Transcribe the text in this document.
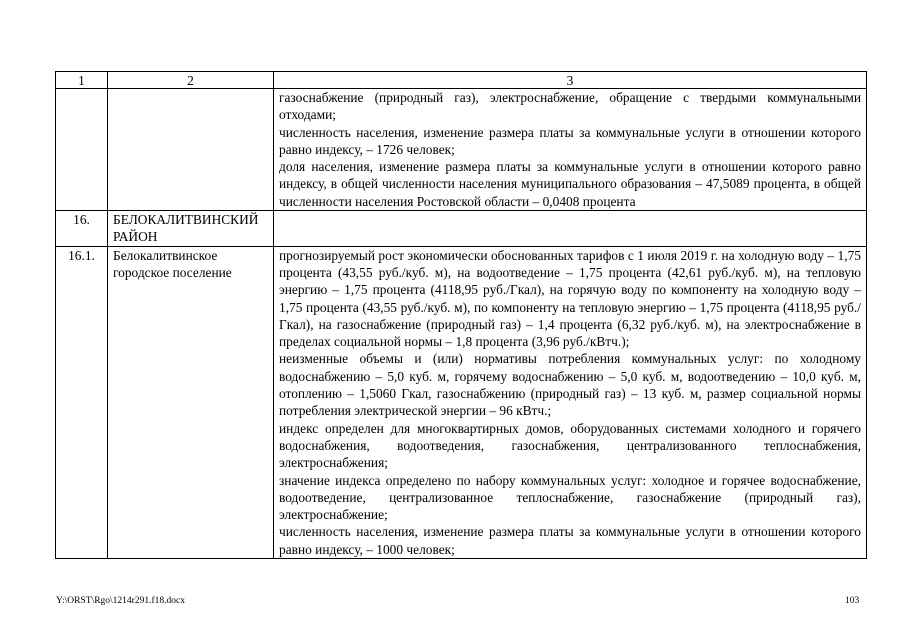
1	2	3

		газоснабжение (природный газ), электроснабжение, обращение с твердыми коммунальными отходами;

численность населения, изменение размера платы за коммунальные услуги в отношении которого равно индексу, – 1726 человек;

доля населения, изменение размера платы за коммунальные услуги в отношении которого равно индексу, в общей численности населения муниципального образования – 47,5089 процента, в общей численности населения Ростовской области – 0,0408 процента

16.	БЕЛОКАЛИТВИНСКИЙ РАЙОН	
16.1.	Белокалитвинское городское поселение	прогнозируемый рост экономически обоснованных тарифов с 1 июля 2019 г. на холодную воду – 1,75 процента (43,55 руб./куб. м), на водоотведение – 1,75 процента (42,61 руб./куб. м), на тепловую энергию – 1,75 процента (4118,95 руб./Гкал), на горячую воду по компоненту на холодную воду – 1,75 процента (43,55 руб./куб. м), по компоненту на тепловую энергию – 1,75 процента (4118,95 руб./Гкал), на газоснабжение (природный газ) – 1,4 процента (6,32 руб./куб. м), на электроснабжение в пределах социальной нормы – 1,8 процента (3,96 руб./кВтч.);

неизменные объемы и (или) нормативы потребления коммунальных услуг: по холодному водоснабжению – 5,0 куб. м, горячему водоснабжению – 5,0 куб. м, водоотведению – 10,0 куб. м, отоплению – 1,5060 Гкал, газоснабжению (природный газ) – 13 куб. м, размер социальной нормы потребления электрической энергии – 96 кВтч.;

индекс определен для многоквартирных домов, оборудованных системами холодного и горячего водоснабжения, водоотведения, газоснабжения, централизованного теплоснабжения, электроснабжения;

значение индекса определено по набору коммунальных услуг: холодное и горячее водоснабжение, водоотведение, централизованное теплоснабжение, газоснабжение (природный газ), электроснабжение;

численность населения, изменение размера платы за коммунальные услуги в отношении которого равно индексу, – 1000 человек;

Y:\ORST\Rgo\1214r291.f18.docx	103
